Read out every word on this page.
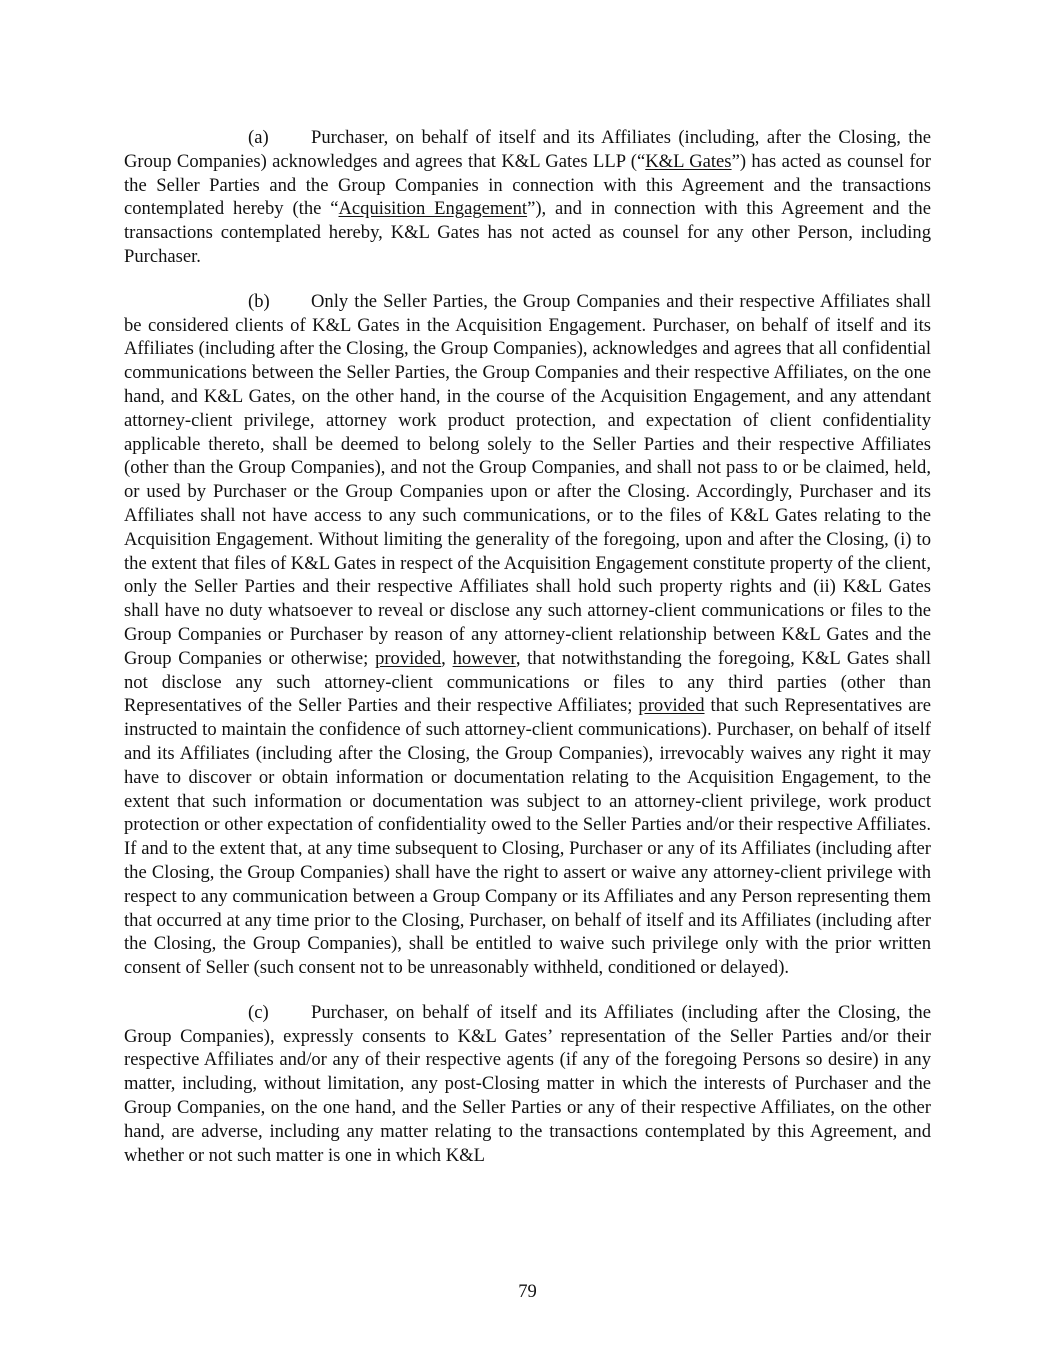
(a) Purchaser, on behalf of itself and its Affiliates (including, after the Closing, the Group Companies) acknowledges and agrees that K&L Gates LLP (“K&L Gates”) has acted as counsel for the Seller Parties and the Group Companies in connection with this Agreement and the transactions contemplated hereby (the “Acquisition Engagement”), and in connection with this Agreement and the transactions contemplated hereby, K&L Gates has not acted as counsel for any other Person, including Purchaser.

(b) Only the Seller Parties, the Group Companies and their respective Affiliates shall be considered clients of K&L Gates in the Acquisition Engagement. Purchaser, on behalf of itself and its Affiliates (including after the Closing, the Group Companies), acknowledges and agrees that all confidential communications between the Seller Parties, the Group Companies and their respective Affiliates, on the one hand, and K&L Gates, on the other hand, in the course of the Acquisition Engagement, and any attendant attorney-client privilege, attorney work product protection, and expectation of client confidentiality applicable thereto, shall be deemed to belong solely to the Seller Parties and their respective Affiliates (other than the Group Companies), and not the Group Companies, and shall not pass to or be claimed, held, or used by Purchaser or the Group Companies upon or after the Closing. Accordingly, Purchaser and its Affiliates shall not have access to any such communications, or to the files of K&L Gates relating to the Acquisition Engagement. Without limiting the generality of the foregoing, upon and after the Closing, (i) to the extent that files of K&L Gates in respect of the Acquisition Engagement constitute property of the client, only the Seller Parties and their respective Affiliates shall hold such property rights and (ii) K&L Gates shall have no duty whatsoever to reveal or disclose any such attorney-client communications or files to the Group Companies or Purchaser by reason of any attorney-client relationship between K&L Gates and the Group Companies or otherwise; provided, however, that notwithstanding the foregoing, K&L Gates shall not disclose any such attorney-client communications or files to any third parties (other than Representatives of the Seller Parties and their respective Affiliates; provided that such Representatives are instructed to maintain the confidence of such attorney-client communications). Purchaser, on behalf of itself and its Affiliates (including after the Closing, the Group Companies), irrevocably waives any right it may have to discover or obtain information or documentation relating to the Acquisition Engagement, to the extent that such information or documentation was subject to an attorney-client privilege, work product protection or other expectation of confidentiality owed to the Seller Parties and/or their respective Affiliates. If and to the extent that, at any time subsequent to Closing, Purchaser or any of its Affiliates (including after the Closing, the Group Companies) shall have the right to assert or waive any attorney-client privilege with respect to any communication between a Group Company or its Affiliates and any Person representing them that occurred at any time prior to the Closing, Purchaser, on behalf of itself and its Affiliates (including after the Closing, the Group Companies), shall be entitled to waive such privilege only with the prior written consent of Seller (such consent not to be unreasonably withheld, conditioned or delayed).

(c) Purchaser, on behalf of itself and its Affiliates (including after the Closing, the Group Companies), expressly consents to K&L Gates’ representation of the Seller Parties and/or their respective Affiliates and/or any of their respective agents (if any of the foregoing Persons so desire) in any matter, including, without limitation, any post-Closing matter in which the interests of Purchaser and the Group Companies, on the one hand, and the Seller Parties or any of their respective Affiliates, on the other hand, are adverse, including any matter relating to the transactions contemplated by this Agreement, and whether or not such matter is one in which K&L

79
